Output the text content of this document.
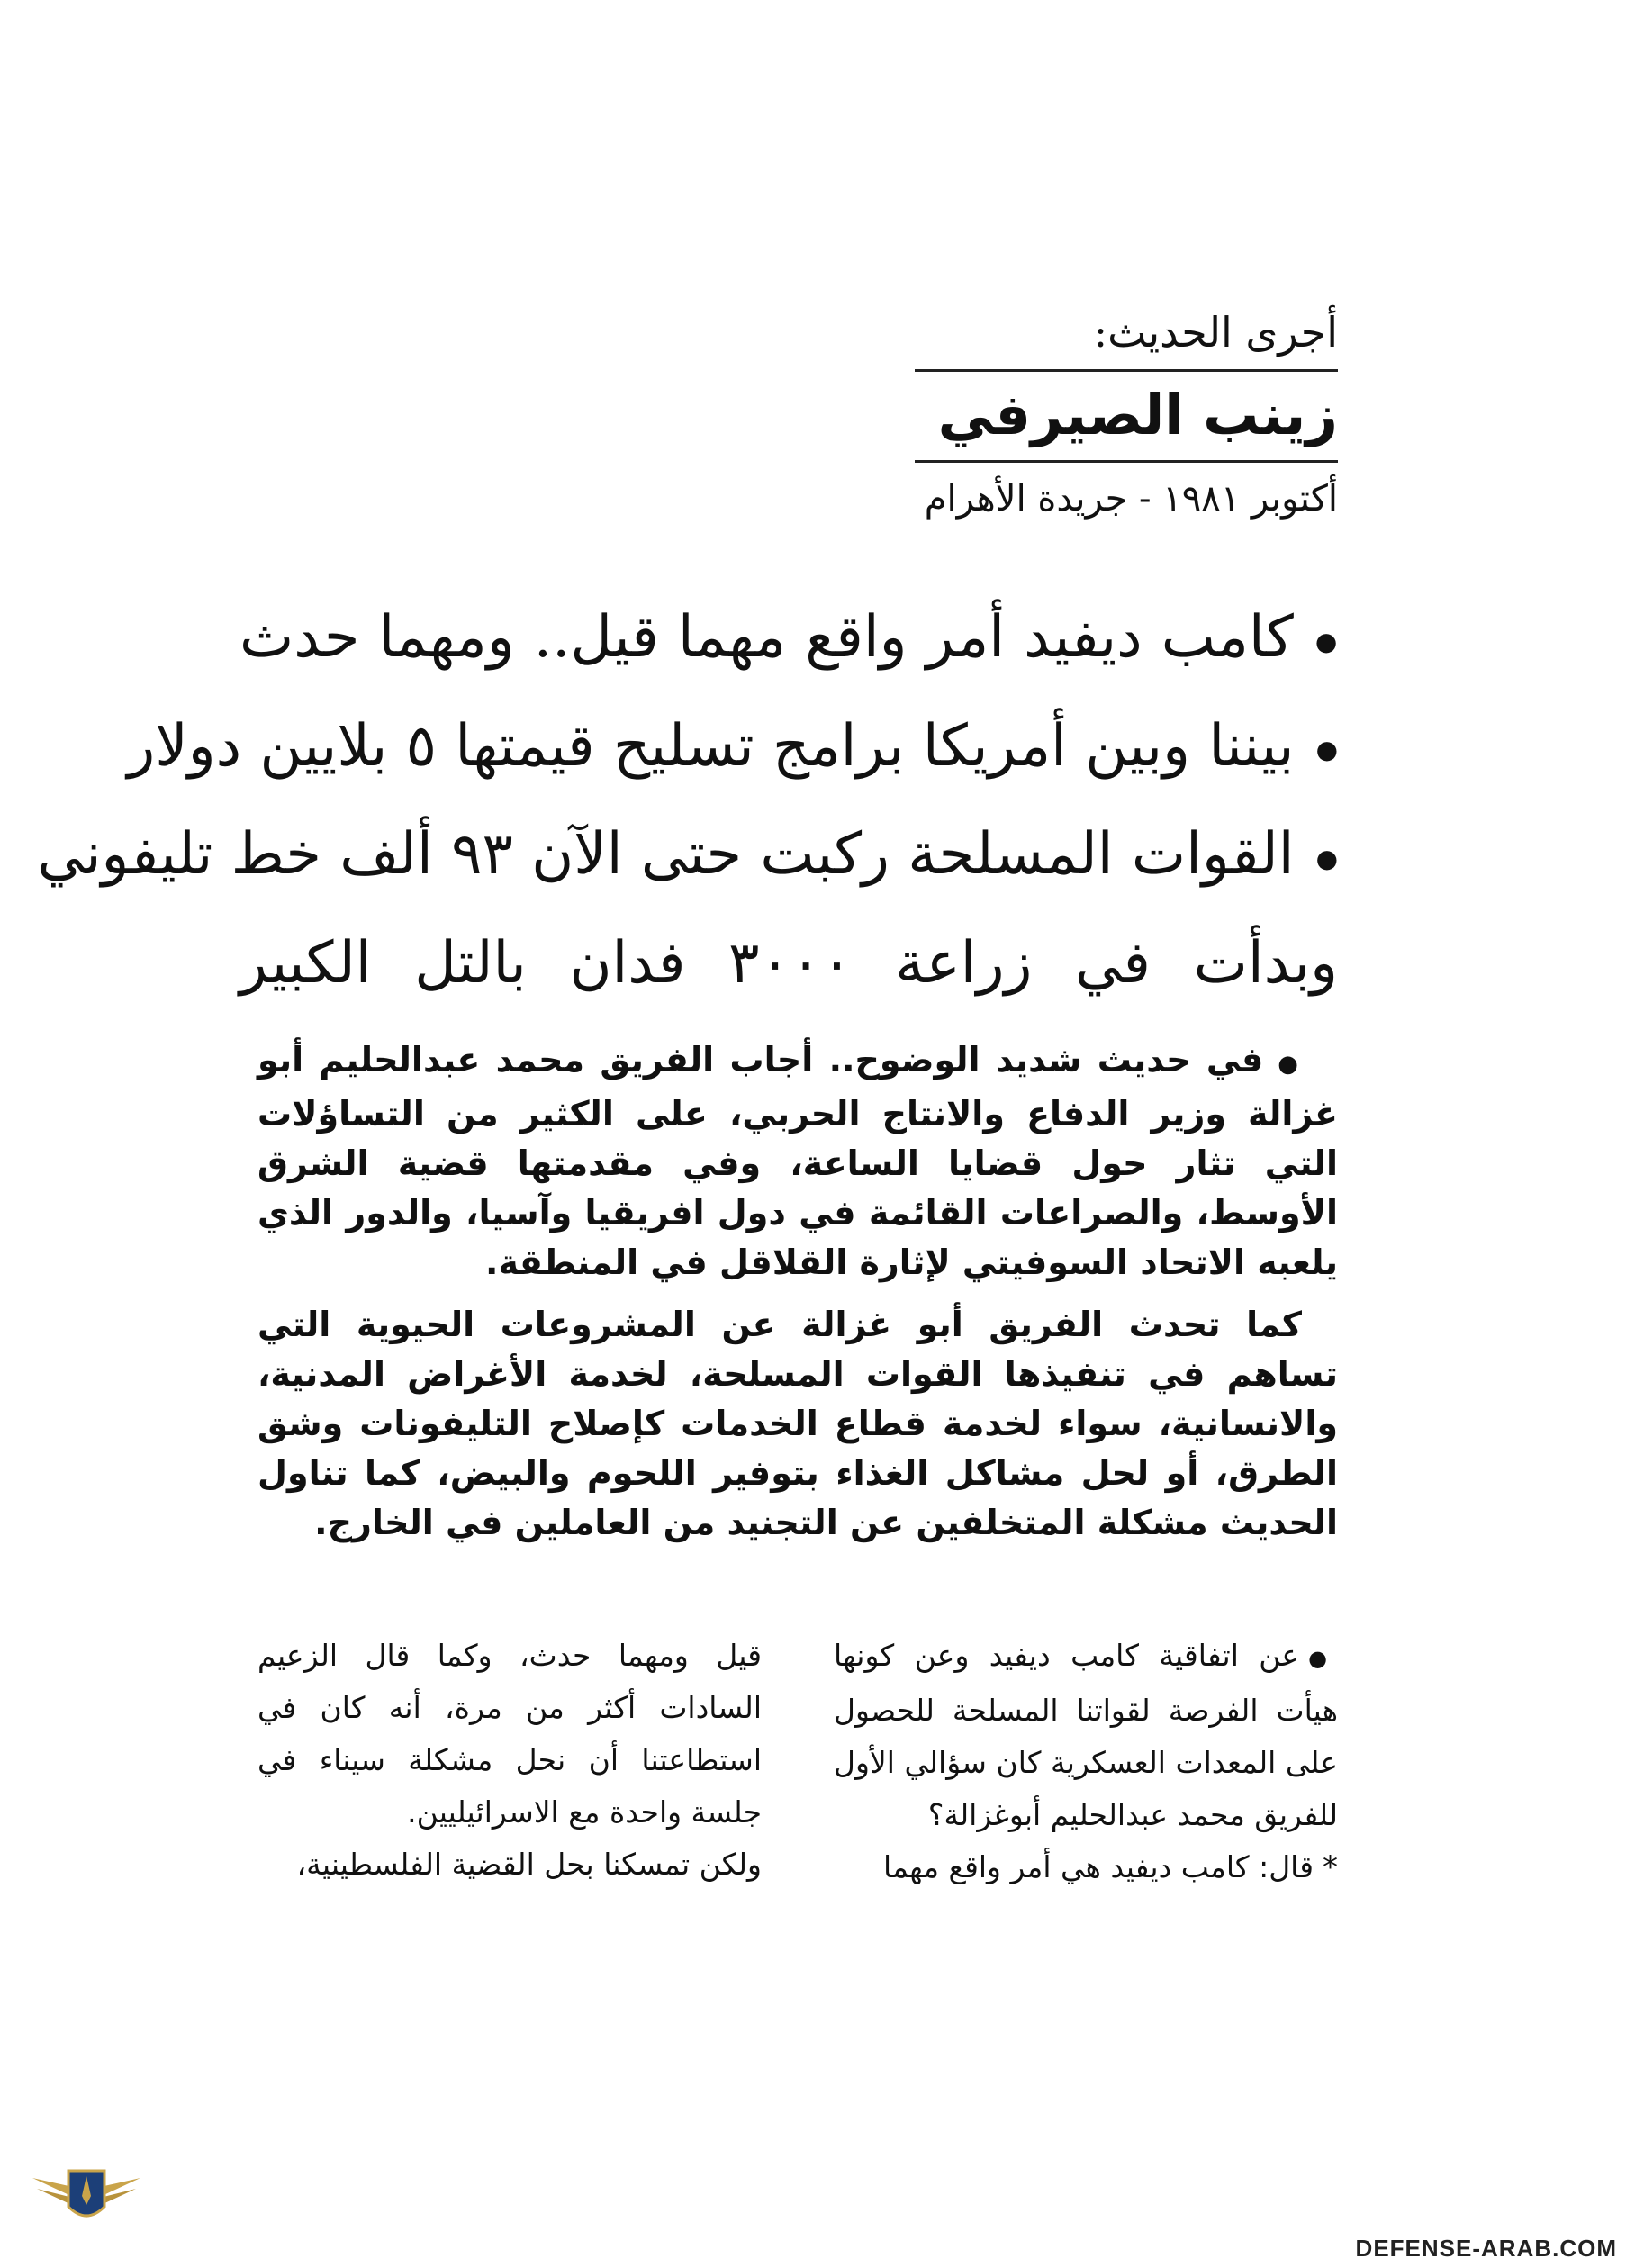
أجرى الحديث:
زينب الصيرفي
أكتوبر ١٩٨١ - جريدة الأهرام
●كامب ديفيد أمر واقع مهما قيل.. ومهما حدث
●بيننا وبين أمريكا برامج تسليح قيمتها ٥ بلايين دولار
●القوات المسلحة ركبت حتى الآن ٩٣ ألف خط تليفوني
وبدأت في زراعة ٣٠٠٠ فدان بالتل الكبير

●في حديث شديد الوضوح.. أجاب الفريق محمد عبدالحليم أبو غزالة وزير الدفاع والانتاج الحربي، على الكثير من التساؤلات التي تثار حول قضايا الساعة، وفي مقدمتها قضية الشرق الأوسط، والصراعات القائمة في دول افريقيا وآسيا، والدور الذي يلعبه الاتحاد السوفيتي لإثارة القلاقل في المنطقة.

كما تحدث الفريق أبو غزالة عن المشروعات الحيوية التي تساهم في تنفيذها القوات المسلحة، لخدمة الأغراض المدنية، والانسانية، سواء لخدمة قطاع الخدمات كإصلاح التليفونات وشق الطرق، أو لحل مشاكل الغذاء بتوفير اللحوم والبيض، كما تناول الحديث مشكلة المتخلفين عن التجنيد من العاملين في الخارج.

●عن اتفاقية كامب ديفيد وعن كونها هيأت الفرصة لقواتنا المسلحة للحصول على المعدات العسكرية كان سؤالي الأول للفريق محمد عبدالحليم أبوغزالة؟

*قال: كامب ديفيد هي أمر واقع مهما

قيل ومهما حدث، وكما قال الزعيم السادات أكثر من مرة، أنه كان في استطاعتنا أن نحل مشكلة سيناء في جلسة واحدة مع الاسرائيليين.

ولكن تمسكنا بحل القضية الفلسطينية،

DEFENSE-ARAB.COM
